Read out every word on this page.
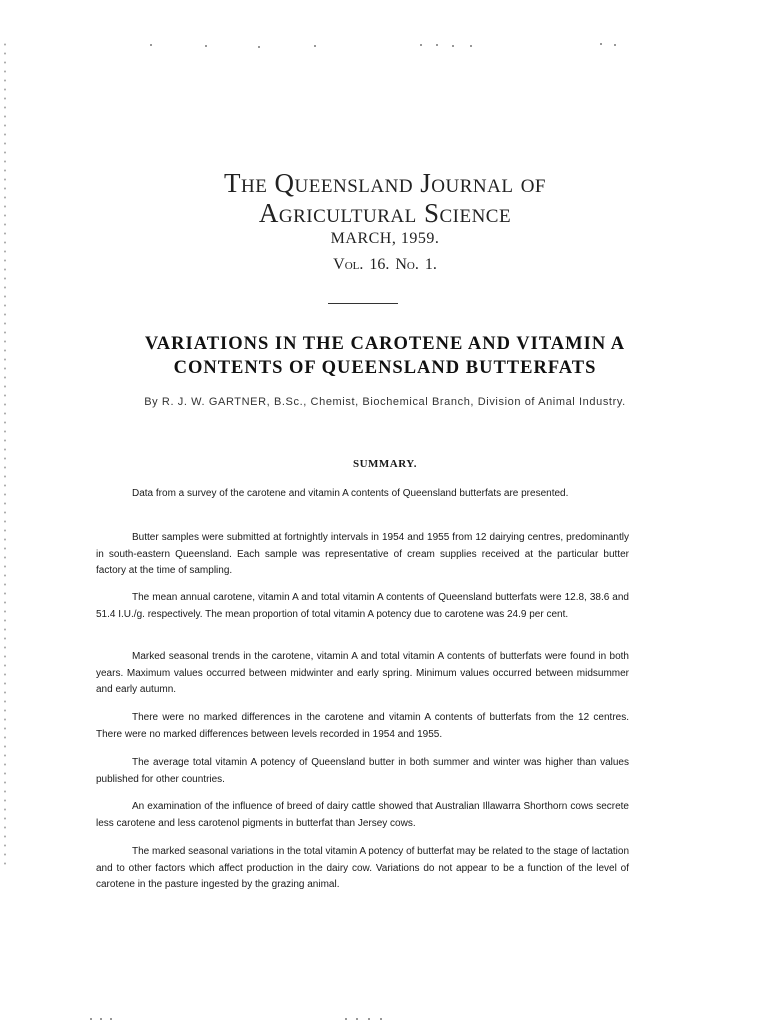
The Queensland Journal of
Agricultural Science
MARCH, 1959.
Vol. 16. No. 1.
VARIATIONS IN THE CAROTENE AND VITAMIN A
CONTENTS OF QUEENSLAND BUTTERFATS
By R. J. W. GARTNER, B.Sc., Chemist, Biochemical Branch, Division of Animal Industry.
SUMMARY.

Data from a survey of the carotene and vitamin A contents of Queensland butterfats are presented.

Butter samples were submitted at fortnightly intervals in 1954 and 1955 from 12 dairying centres, predominantly in south-eastern Queensland. Each sample was representative of cream supplies received at the particular butter factory at the time of sampling.

The mean annual carotene, vitamin A and total vitamin A contents of Queensland butterfats were 12.8, 38.6 and 51.4 I.U./g. respectively. The mean proportion of total vitamin A potency due to carotene was 24.9 per cent.

Marked seasonal trends in the carotene, vitamin A and total vitamin A contents of butterfats were found in both years. Maximum values occurred between midwinter and early spring. Minimum values occurred between midsummer and early autumn.

There were no marked differences in the carotene and vitamin A contents of butterfats from the 12 centres. There were no marked differences between levels recorded in 1954 and 1955.

The average total vitamin A potency of Queensland butter in both summer and winter was higher than values published for other countries.

An examination of the influence of breed of dairy cattle showed that Australian Illawarra Shorthorn cows secrete less carotene and less carotenol pigments in butterfat than Jersey cows.

The marked seasonal variations in the total vitamin A potency of butterfat may be related to the stage of lactation and to other factors which affect production in the dairy cow. Variations do not appear to be a function of the level of carotene in the pasture ingested by the grazing animal.
